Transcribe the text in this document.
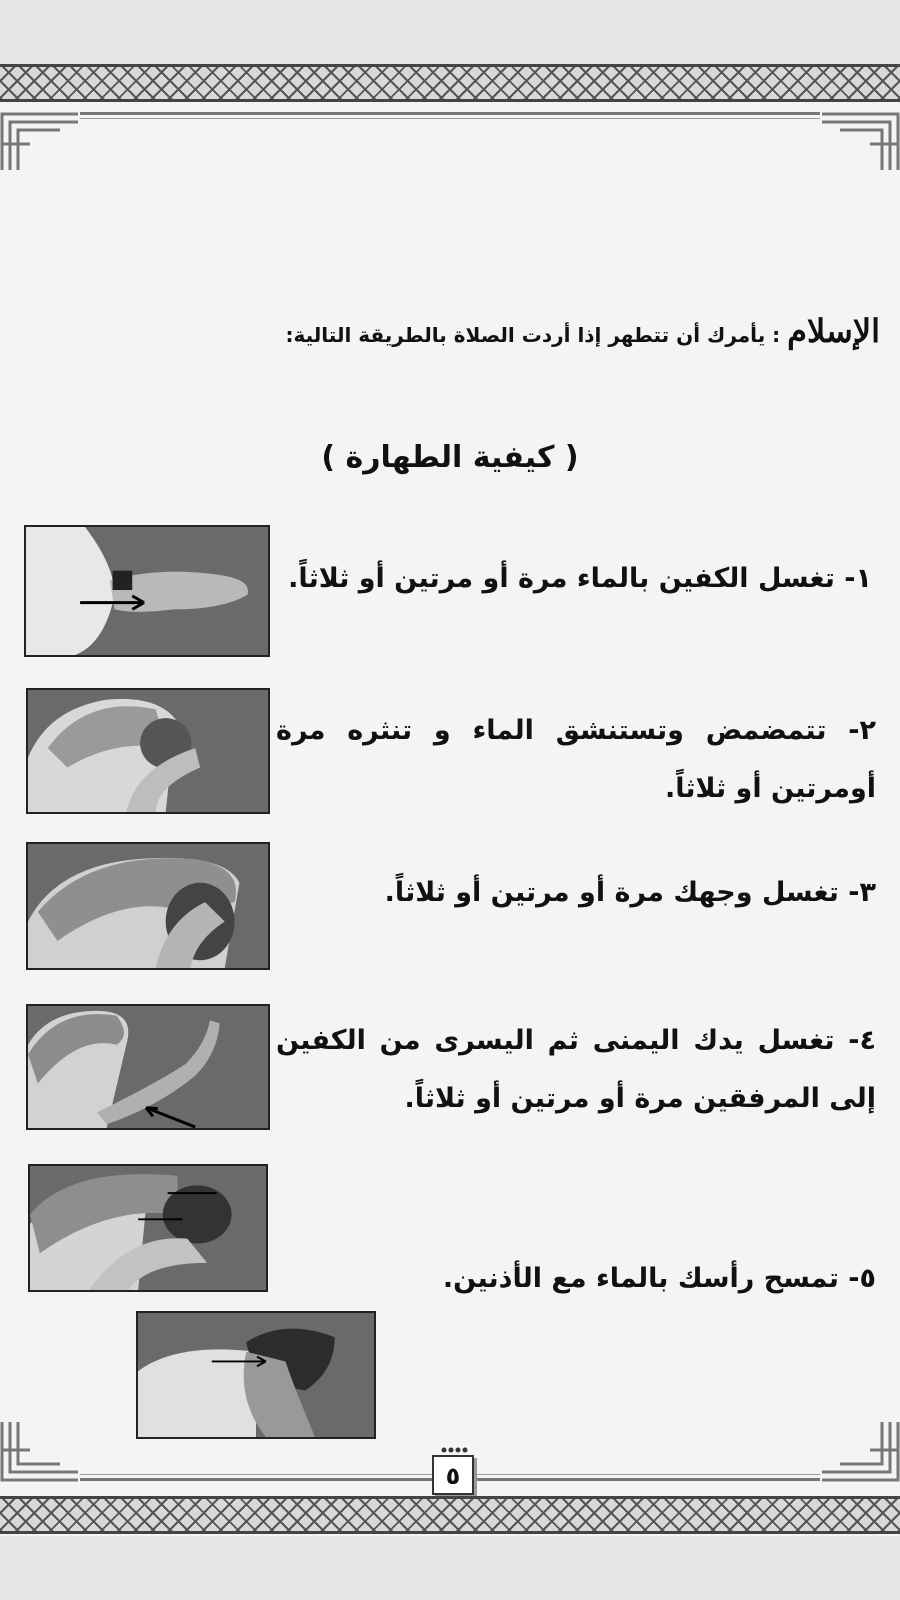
الإسلام : يأمرك أن تتطهر إذا أردت الصلاة بالطريقة التالية:
( كيفية الطهارة )
١- تغسل الكفين بالماء مرة أو مرتين أو ثلاثاً.
٢- تتمضمض وتستنشق الماء و تنثره مرة أومرتين أو ثلاثاً.
٣- تغسل وجهك مرة أو مرتين أو ثلاثاً.
٤- تغسل يدك اليمنى ثم اليسرى من الكفين إلى المرفقين مرة أو مرتين أو ثلاثاً.
٥- تمسح رأسك بالماء مع الأذنين.
٥
